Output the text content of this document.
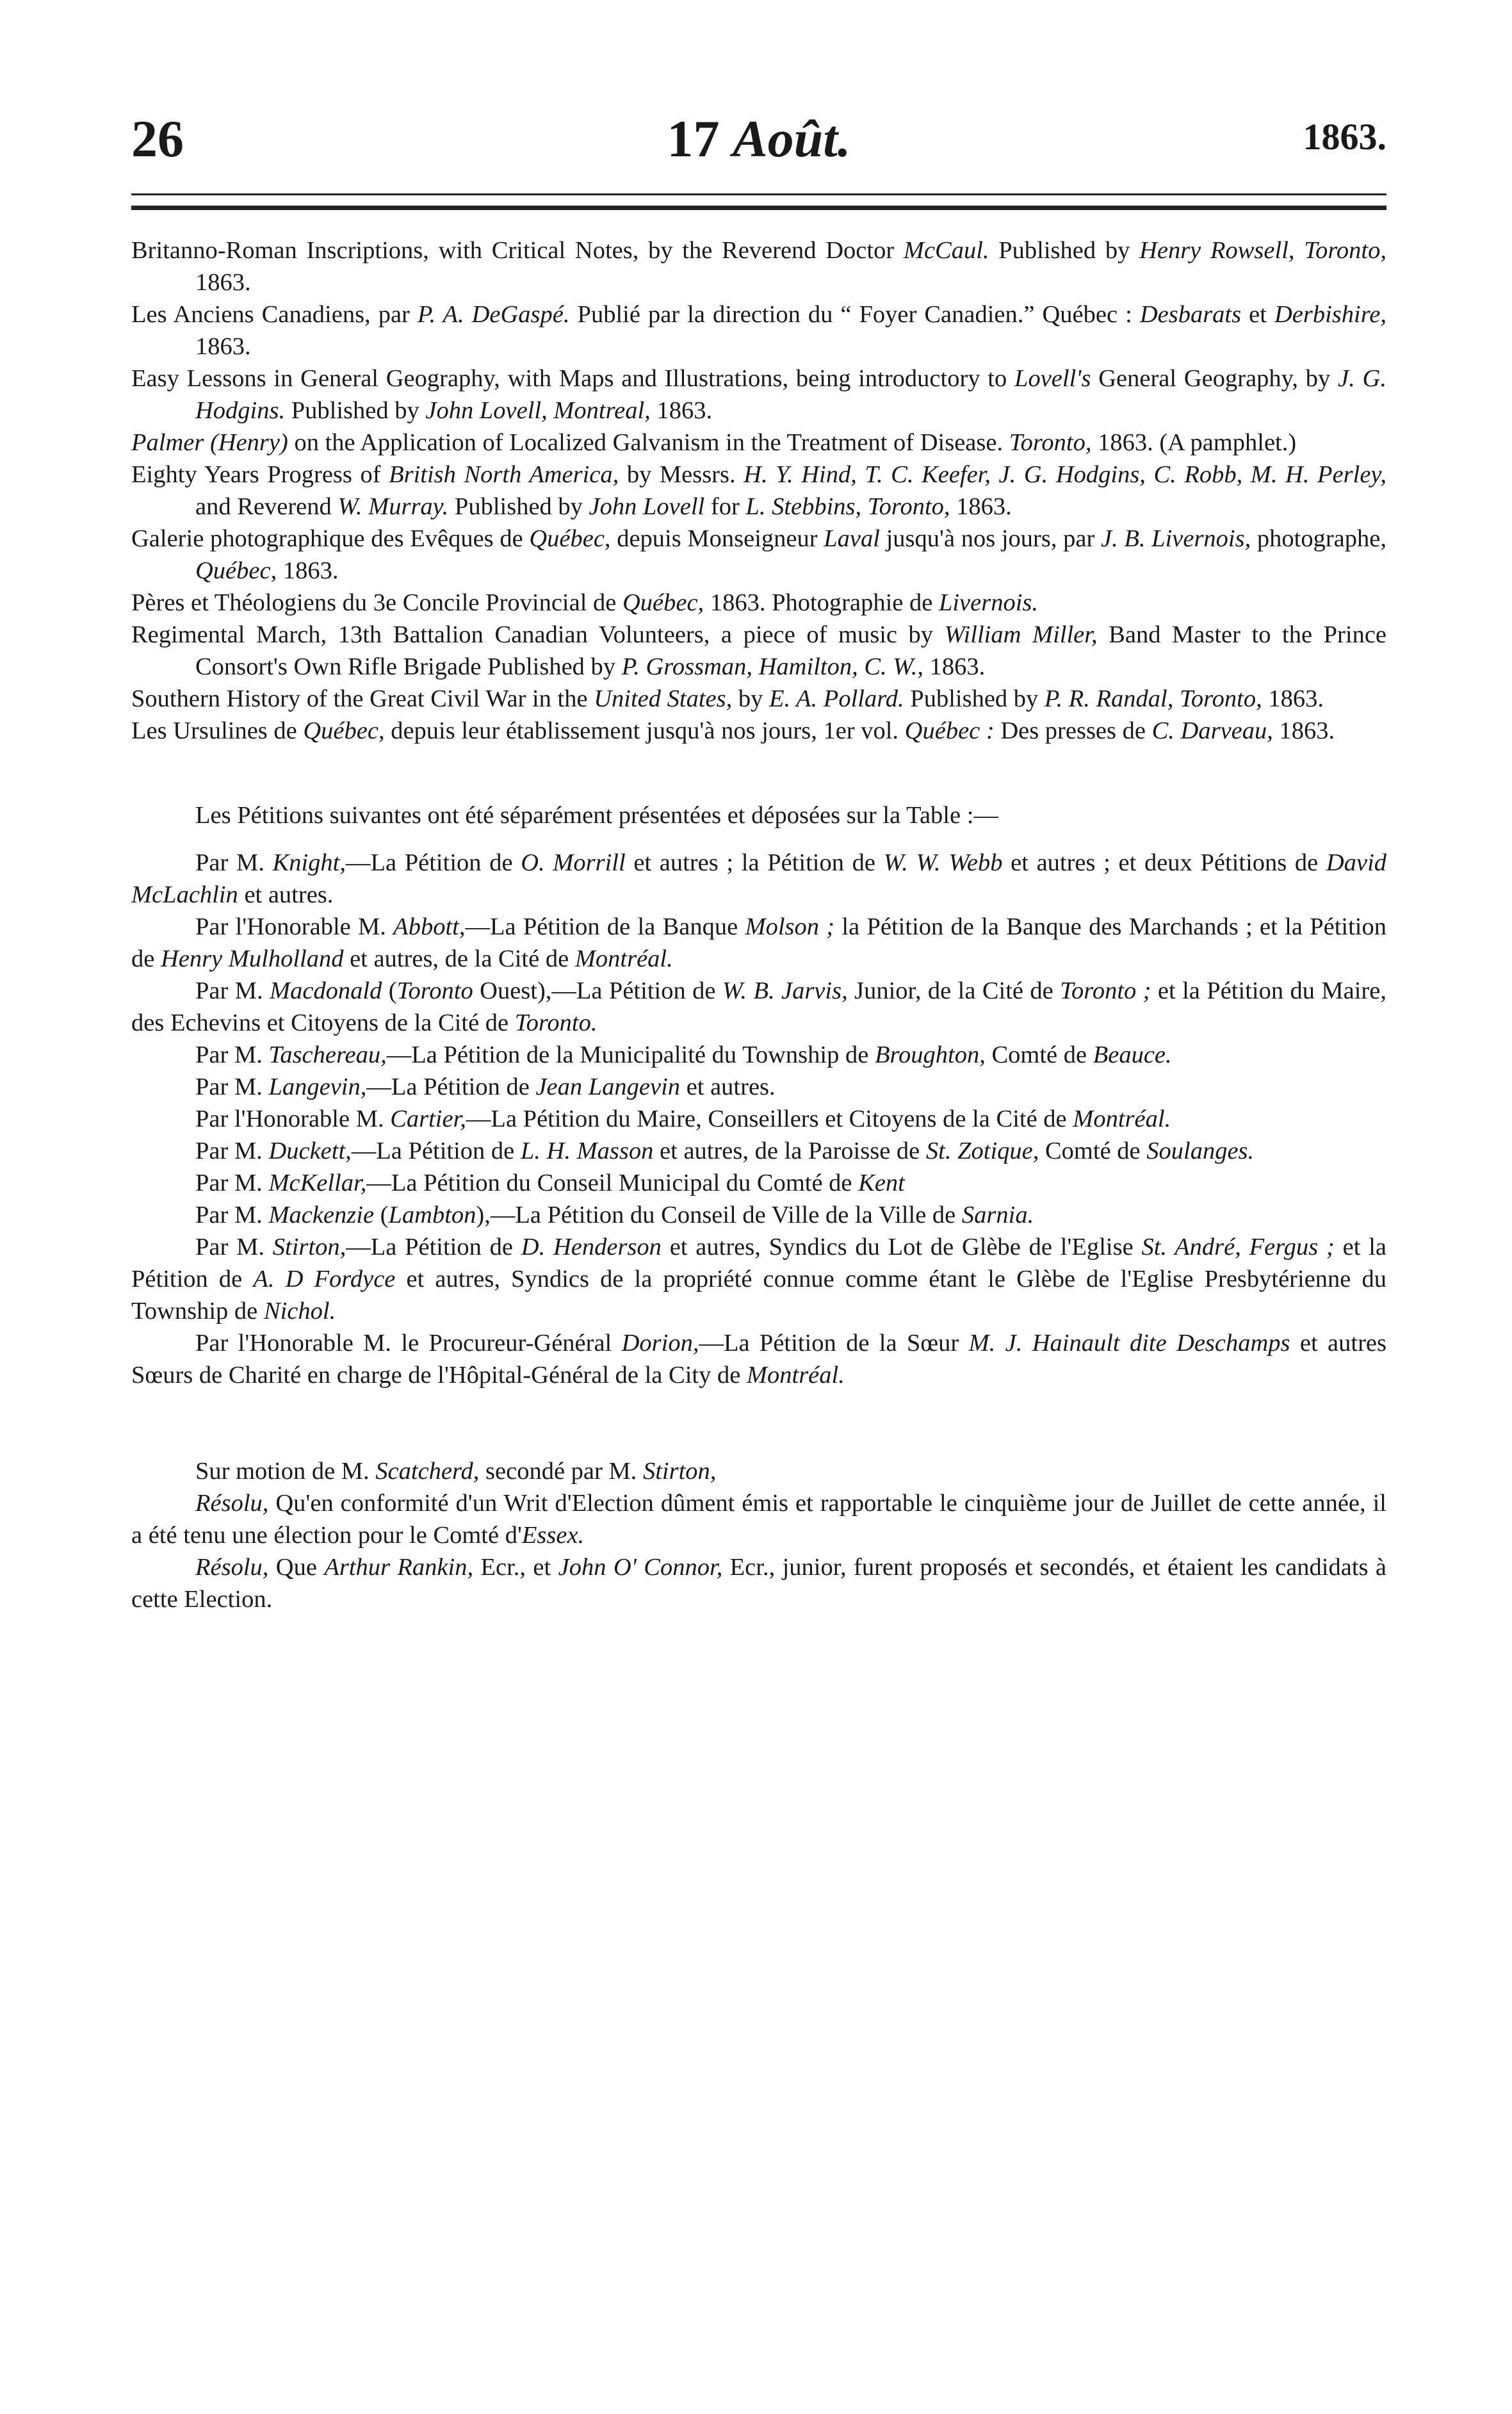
26	17 Août.	1863.

Britanno-Roman Inscriptions, with Critical Notes, by the Reverend Doctor McCaul. Published by Henry Rowsell, Toronto, 1863.

Les Anciens Canadiens, par P. A. DeGaspé. Publié par la direction du “ Foyer Canadien.” Québec : Desbarats et Derbishire, 1863.

Easy Lessons in General Geography, with Maps and Illustrations, being introductory to Lovell's General Geography, by J. G. Hodgins. Published by John Lovell, Montreal, 1863.

Palmer (Henry) on the Application of Localized Galvanism in the Treatment of Disease. Toronto, 1863. (A pamphlet.)

Eighty Years Progress of British North America, by Messrs. H. Y. Hind, T. C. Keefer, J. G. Hodgins, C. Robb, M. H. Perley, and Reverend W. Murray. Published by John Lovell for L. Stebbins, Toronto, 1863.

Galerie photographique des Evêques de Québec, depuis Monseigneur Laval jusqu'à nos jours, par J. B. Livernois, photographe, Québec, 1863.

Pères et Théologiens du 3e Concile Provincial de Québec, 1863. Photographie de Livernois.

Regimental March, 13th Battalion Canadian Volunteers, a piece of music by William Miller, Band Master to the Prince Consort's Own Rifle Brigade Published by P. Grossman, Hamilton, C. W., 1863.

Southern History of the Great Civil War in the United States, by E. A. Pollard. Published by P. R. Randal, Toronto, 1863.

Les Ursulines de Québec, depuis leur établissement jusqu'à nos jours, 1er vol. Québec : Des presses de C. Darveau, 1863.

Les Pétitions suivantes ont été séparément présentées et déposées sur la Table :—

Par M. Knight,—La Pétition de O. Morrill et autres ; la Pétition de W. W. Webb et autres ; et deux Pétitions de David McLachlin et autres.

Par l'Honorable M. Abbott,—La Pétition de la Banque Molson ; la Pétition de la Banque des Marchands ; et la Pétition de Henry Mulholland et autres, de la Cité de Montréal.

Par M. Macdonald (Toronto Ouest),—La Pétition de W. B. Jarvis, Junior, de la Cité de Toronto ; et la Pétition du Maire, des Echevins et Citoyens de la Cité de Toronto.

Par M. Taschereau,—La Pétition de la Municipalité du Township de Broughton, Comté de Beauce.

Par M. Langevin,—La Pétition de Jean Langevin et autres.

Par l'Honorable M. Cartier,—La Pétition du Maire, Conseillers et Citoyens de la Cité de Montréal.

Par M. Duckett,—La Pétition de L. H. Masson et autres, de la Paroisse de St. Zotique, Comté de Soulanges.

Par M. McKellar,—La Pétition du Conseil Municipal du Comté de Kent

Par M. Mackenzie (Lambton),—La Pétition du Conseil de Ville de la Ville de Sarnia.

Par M. Stirton,—La Pétition de D. Henderson et autres, Syndics du Lot de Glèbe de l'Eglise St. André, Fergus ; et la Pétition de A. D Fordyce et autres, Syndics de la propriété connue comme étant le Glèbe de l'Eglise Presbytérienne du Township de Nichol.

Par l'Honorable M. le Procureur-Général Dorion,—La Pétition de la Sœur M. J. Hainault dite Deschamps et autres Sœurs de Charité en charge de l'Hôpital-Général de la City de Montréal.

Sur motion de M. Scatcherd, secondé par M. Stirton,

Résolu, Qu'en conformité d'un Writ d'Election dûment émis et rapportable le cinquième jour de Juillet de cette année, il a été tenu une élection pour le Comté d'Essex.

Résolu, Que Arthur Rankin, Ecr., et John O' Connor, Ecr., junior, furent proposés et secondés, et étaient les candidats à cette Election.
